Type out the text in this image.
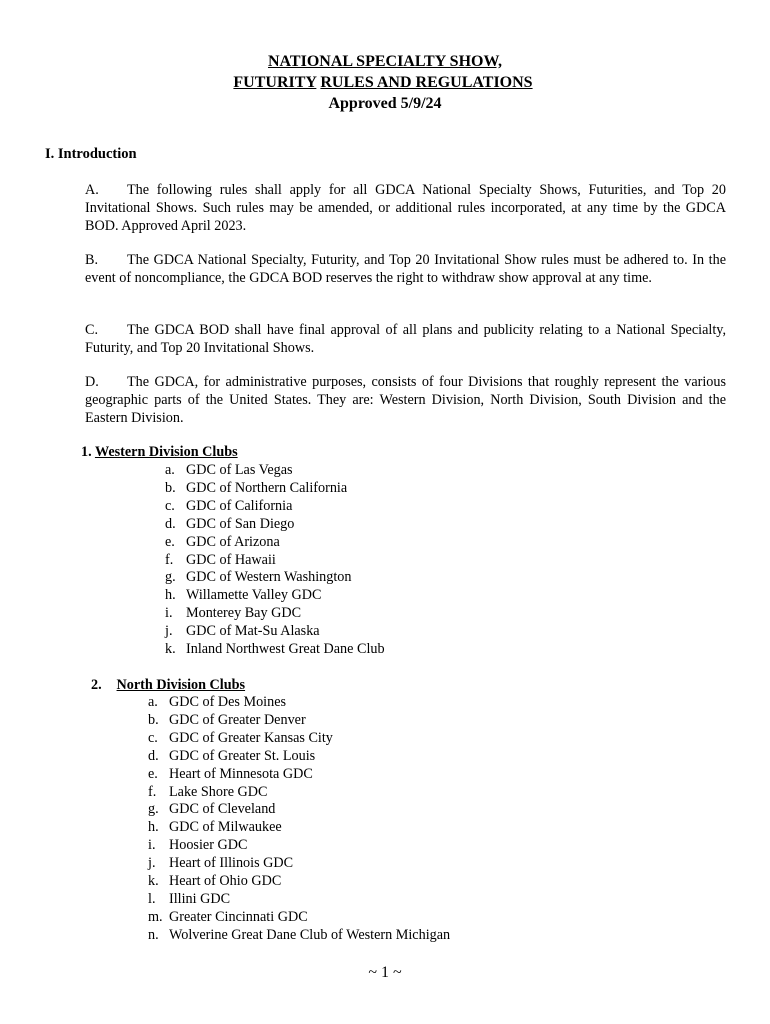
NATIONAL SPECIALTY SHOW,
FUTURITY RULES AND REGULATIONS
Approved 5/9/24
I. Introduction
A. The following rules shall apply for all GDCA National Specialty Shows, Futurities, and Top 20 Invitational Shows. Such rules may be amended, or additional rules incorporated, at any time by the GDCA BOD. Approved April 2023.
B. The GDCA National Specialty, Futurity, and Top 20 Invitational Show rules must be adhered to. In the event of noncompliance, the GDCA BOD reserves the right to withdraw show approval at any time.
C. The GDCA BOD shall have final approval of all plans and publicity relating to a National Specialty, Futurity, and Top 20 Invitational Shows.
D. The GDCA, for administrative purposes, consists of four Divisions that roughly represent the various geographic parts of the United States. They are: Western Division, North Division, South Division and the Eastern Division.
1. Western Division Clubs
a. GDC of Las Vegas
b. GDC of Northern California
c. GDC of California
d. GDC of San Diego
e. GDC of Arizona
f. GDC of Hawaii
g. GDC of Western Washington
h. Willamette Valley GDC
i. Monterey Bay GDC
j. GDC of Mat-Su Alaska
k. Inland Northwest Great Dane Club
2. North Division Clubs
a. GDC of Des Moines
b. GDC of Greater Denver
c. GDC of Greater Kansas City
d. GDC of Greater St. Louis
e. Heart of Minnesota GDC
f. Lake Shore GDC
g. GDC of Cleveland
h. GDC of Milwaukee
i. Hoosier GDC
j. Heart of Illinois GDC
k. Heart of Ohio GDC
l. Illini GDC
m. Greater Cincinnati GDC
n. Wolverine Great Dane Club of Western Michigan
~ 1 ~
